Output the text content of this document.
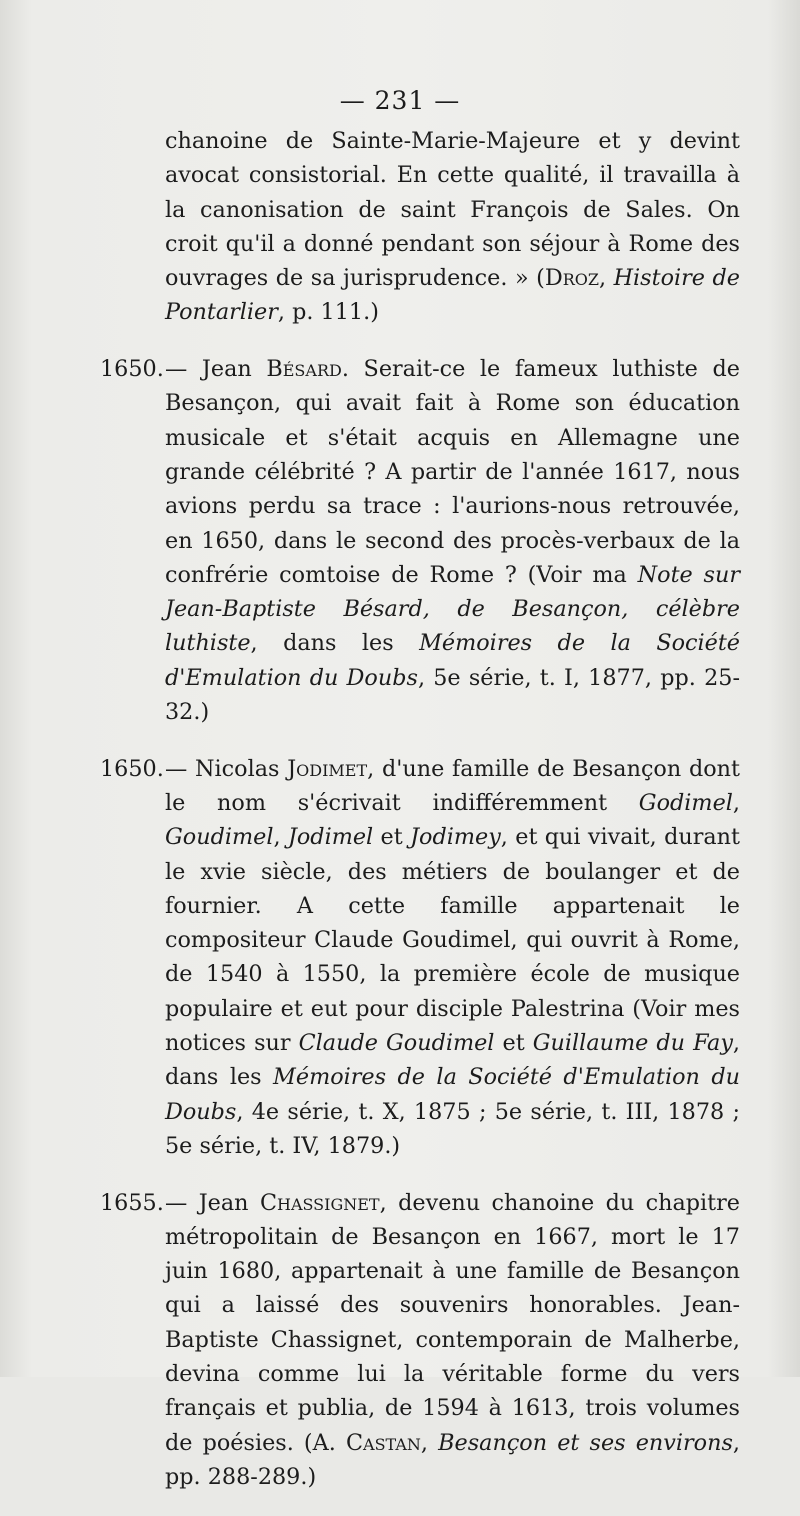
— 231 —

chanoine de Sainte-Marie-Majeure et y devint avocat consistorial. En cette qualité, il travailla à la canonisation de saint François de Sales. On croit qu'il a donné pendant son séjour à Rome des ouvrages de sa jurisprudence. » (Droz, Histoire de Pontarlier, p. 111.)

1650. — Jean Bésard. Serait-ce le fameux luthiste de Besançon, qui avait fait à Rome son éducation musicale et s'était acquis en Allemagne une grande célébrité ? A partir de l'année 1617, nous avions perdu sa trace : l'aurions-nous retrouvée, en 1650, dans le second des procès-verbaux de la confrérie comtoise de Rome ? (Voir ma Note sur Jean-Baptiste Bésard, de Besançon, célèbre luthiste, dans les Mémoires de la Société d'Emulation du Doubs, 5e série, t. I, 1877, pp. 25-32.)

1650. — Nicolas Jodimet, d'une famille de Besançon dont le nom s'écrivait indifféremment Godimel, Goudimel, Jodimel et Jodimey, et qui vivait, durant le xvie siècle, des métiers de boulanger et de fournier. A cette famille appartenait le compositeur Claude Goudimel, qui ouvrit à Rome, de 1540 à 1550, la première école de musique populaire et eut pour disciple Palestrina (Voir mes notices sur Claude Goudimel et Guillaume du Fay, dans les Mémoires de la Société d'Emulation du Doubs, 4e série, t. X, 1875 ; 5e série, t. III, 1878 ; 5e série, t. IV, 1879.)

1655. — Jean Chassignet, devenu chanoine du chapitre métropolitain de Besançon en 1667, mort le 17 juin 1680, appartenait à une famille de Besançon qui a laissé des souvenirs honorables. Jean-Baptiste Chassignet, contemporain de Malherbe, devina comme lui la véritable forme du vers français et publia, de 1594 à 1613, trois volumes de poésies. (A. Castan, Besançon et ses environs, pp. 288-289.)
